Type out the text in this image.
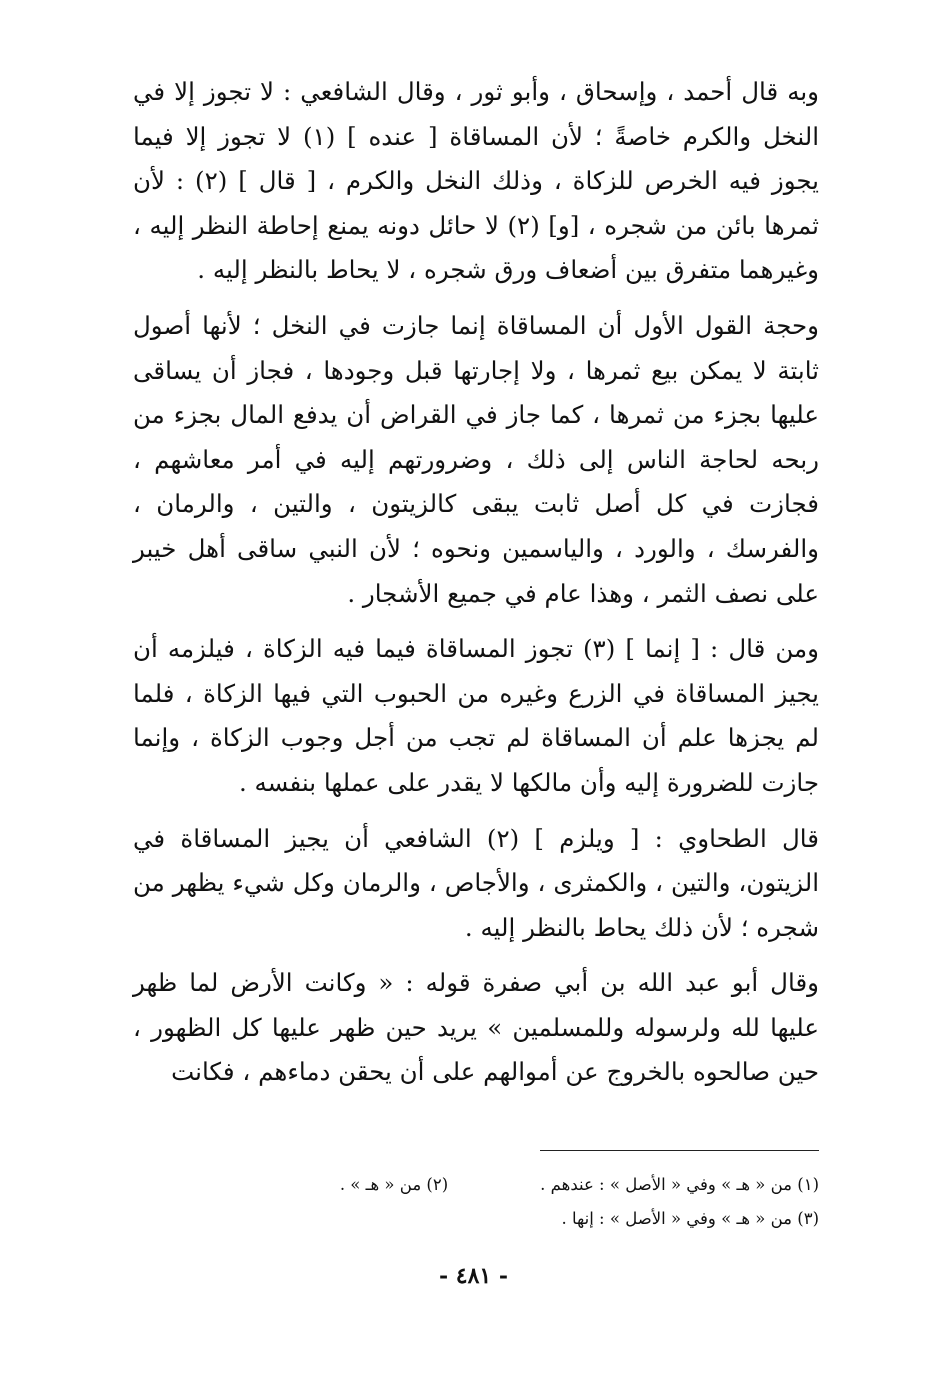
وبه قال أحمد ، وإسحاق ، وأبو ثور ، وقال الشافعي : لا تجوز إلا في النخل والكرم خاصةً ؛ لأن المساقاة [ عنده ] (١) لا تجوز إلا فيما يجوز فيه الخرص للزكاة ، وذلك النخل والكرم ، [ قال ] (٢) : لأن ثمرها بائن من شجره ، [و] (٢) لا حائل دونه يمنع إحاطة النظر إليه ، وغيرهما متفرق بين أضعاف ورق شجره ، لا يحاط بالنظر إليه .

وحجة القول الأول أن المساقاة إنما جازت في النخل ؛ لأنها أصول ثابتة لا يمكن بيع ثمرها ، ولا إجارتها قبل وجودها ، فجاز أن يساقى عليها بجزء من ثمرها ، كما جاز في القراض أن يدفع المال بجزء من ربحه لحاجة الناس إلى ذلك ، وضرورتهم إليه في أمر معاشهم ، فجازت في كل أصل ثابت يبقى كالزيتون ، والتين ، والرمان ، والفرسك ، والورد ، والياسمين ونحوه ؛ لأن النبي ساقى أهل خيبر على نصف الثمر ، وهذا عام في جميع الأشجار .

ومن قال : [ إنما ] (٣) تجوز المساقاة فيما فيه الزكاة ، فيلزمه أن يجيز المساقاة في الزرع وغيره من الحبوب التي فيها الزكاة ، فلما لم يجزها علم أن المساقاة لم تجب من أجل وجوب الزكاة ، وإنما جازت للضرورة إليه وأن مالكها لا يقدر على عملها بنفسه .

قال الطحاوي : [ ويلزم ] (٢) الشافعي أن يجيز المساقاة في الزيتون، والتين ، والكمثرى ، والأجاص ، والرمان وكل شيء يظهر من شجره ؛ لأن ذلك يحاط بالنظر إليه .

وقال أبو عبد الله بن أبي صفرة قوله : « وكانت الأرض لما ظهر عليها لله ولرسوله وللمسلمين » يريد حين ظهر عليها كل الظهور ، حين صالحوه بالخروج عن أموالهم على أن يحقن دماءهم ، فكانت

(١) من « هـ » وفي « الأصل » : عندهم .
(٢) من « هـ » .
(٣) من « هـ » وفي « الأصل » : إنها .
- ٤٨١ -
